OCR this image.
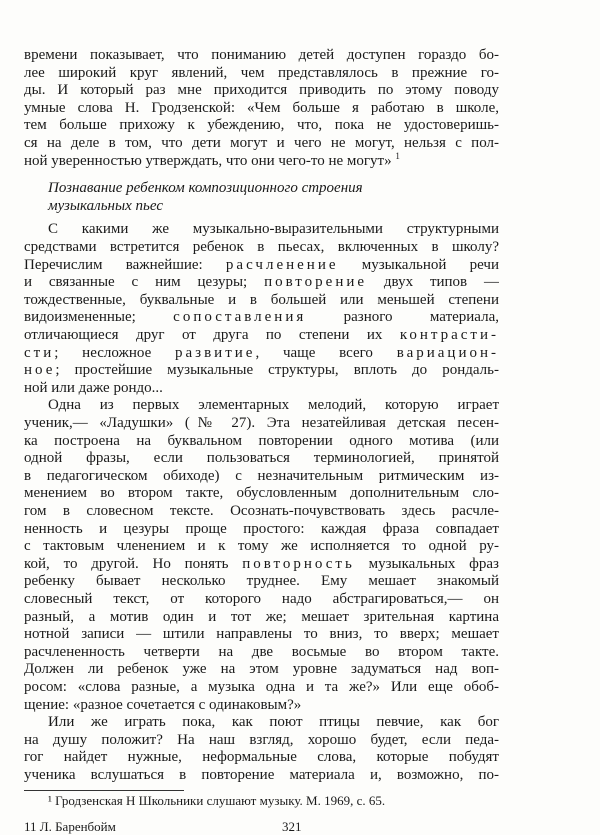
времени показывает, что пониманию детей доступен гораздо бо-
лее широкий круг явлений, чем представлялось в прежние го-
ды. И который раз мне приходится приводить по этому поводу
умные слова Н. Гродзенской: «Чем больше я работаю в школе,
тем больше прихожу к убеждению, что, пока не удостоверишь-
ся на деле в том, что дети могут и чего не могут, нельзя с пол-
ной уверенностью утверждать, что они чего-то не могут» $^1$
Познавание ребенком композиционного строения
музыкальных пьес
С какими же музыкально-выразительными структурными
средствами встретится ребенок в пьесах, включенных в школу?
Перечислим важнейшие: расчленение музыкальной речи
и связанные с ним цезуры; повторение двух типов —
тождественные, буквальные и в большей или меньшей степени
видоизмененные; сопоставления разного материала,
отличающиеся друг от друга по степени их контрасти-
сти; несложное развитие, чаще всего вариацион-
ное; простейшие музыкальные структуры, вплоть до рондаль-
ной или даже рондо...
Одна из первых элементарных мелодий, которую играет
ученик,— «Ладушки» (№ 27). Эта незатейливая детская песен-
ка построена на буквальном повторении одного мотива (или
одной фразы, если пользоваться терминологией, принятой
в педагогическом обиходе) с незначительным ритмическим из-
менением во втором такте, обусловленным дополнительным сло-
гом в словесном тексте. Осознать-почувствовать здесь расчле-
ненность и цезуры проще простого: каждая фраза совпадает
с тактовым членением и к тому же исполняется то одной ру-
кой, то другой. Но понять повторность музыкальных фраз
ребенку бывает несколько труднее. Ему мешает знакомый
словесный текст, от которого надо абстрагироваться,— он
разный, а мотив один и тот же; мешает зрительная картина
нотной записи — штили направлены то вниз, то вверх; мешает
расчлененность четверти на две восьмые во втором такте.
Должен ли ребенок уже на этом уровне задуматься над воп-
росом: «слова разные, а музыка одна и та же?» Или еще обоб-
щение: «разное сочетается с одинаковым?»
Или же играть пока, как поют птицы певчие, как бог
на душу положит? На наш взгляд, хорошо будет, если педа-
гог найдет нужные, неформальные слова, которые побудят
ученика вслушаться в повторение материала и, возможно, по-
¹ Гродзенская Н Школьники слушают музыку. М. 1969, с. 65.
11 Л. Баренбойм	321
